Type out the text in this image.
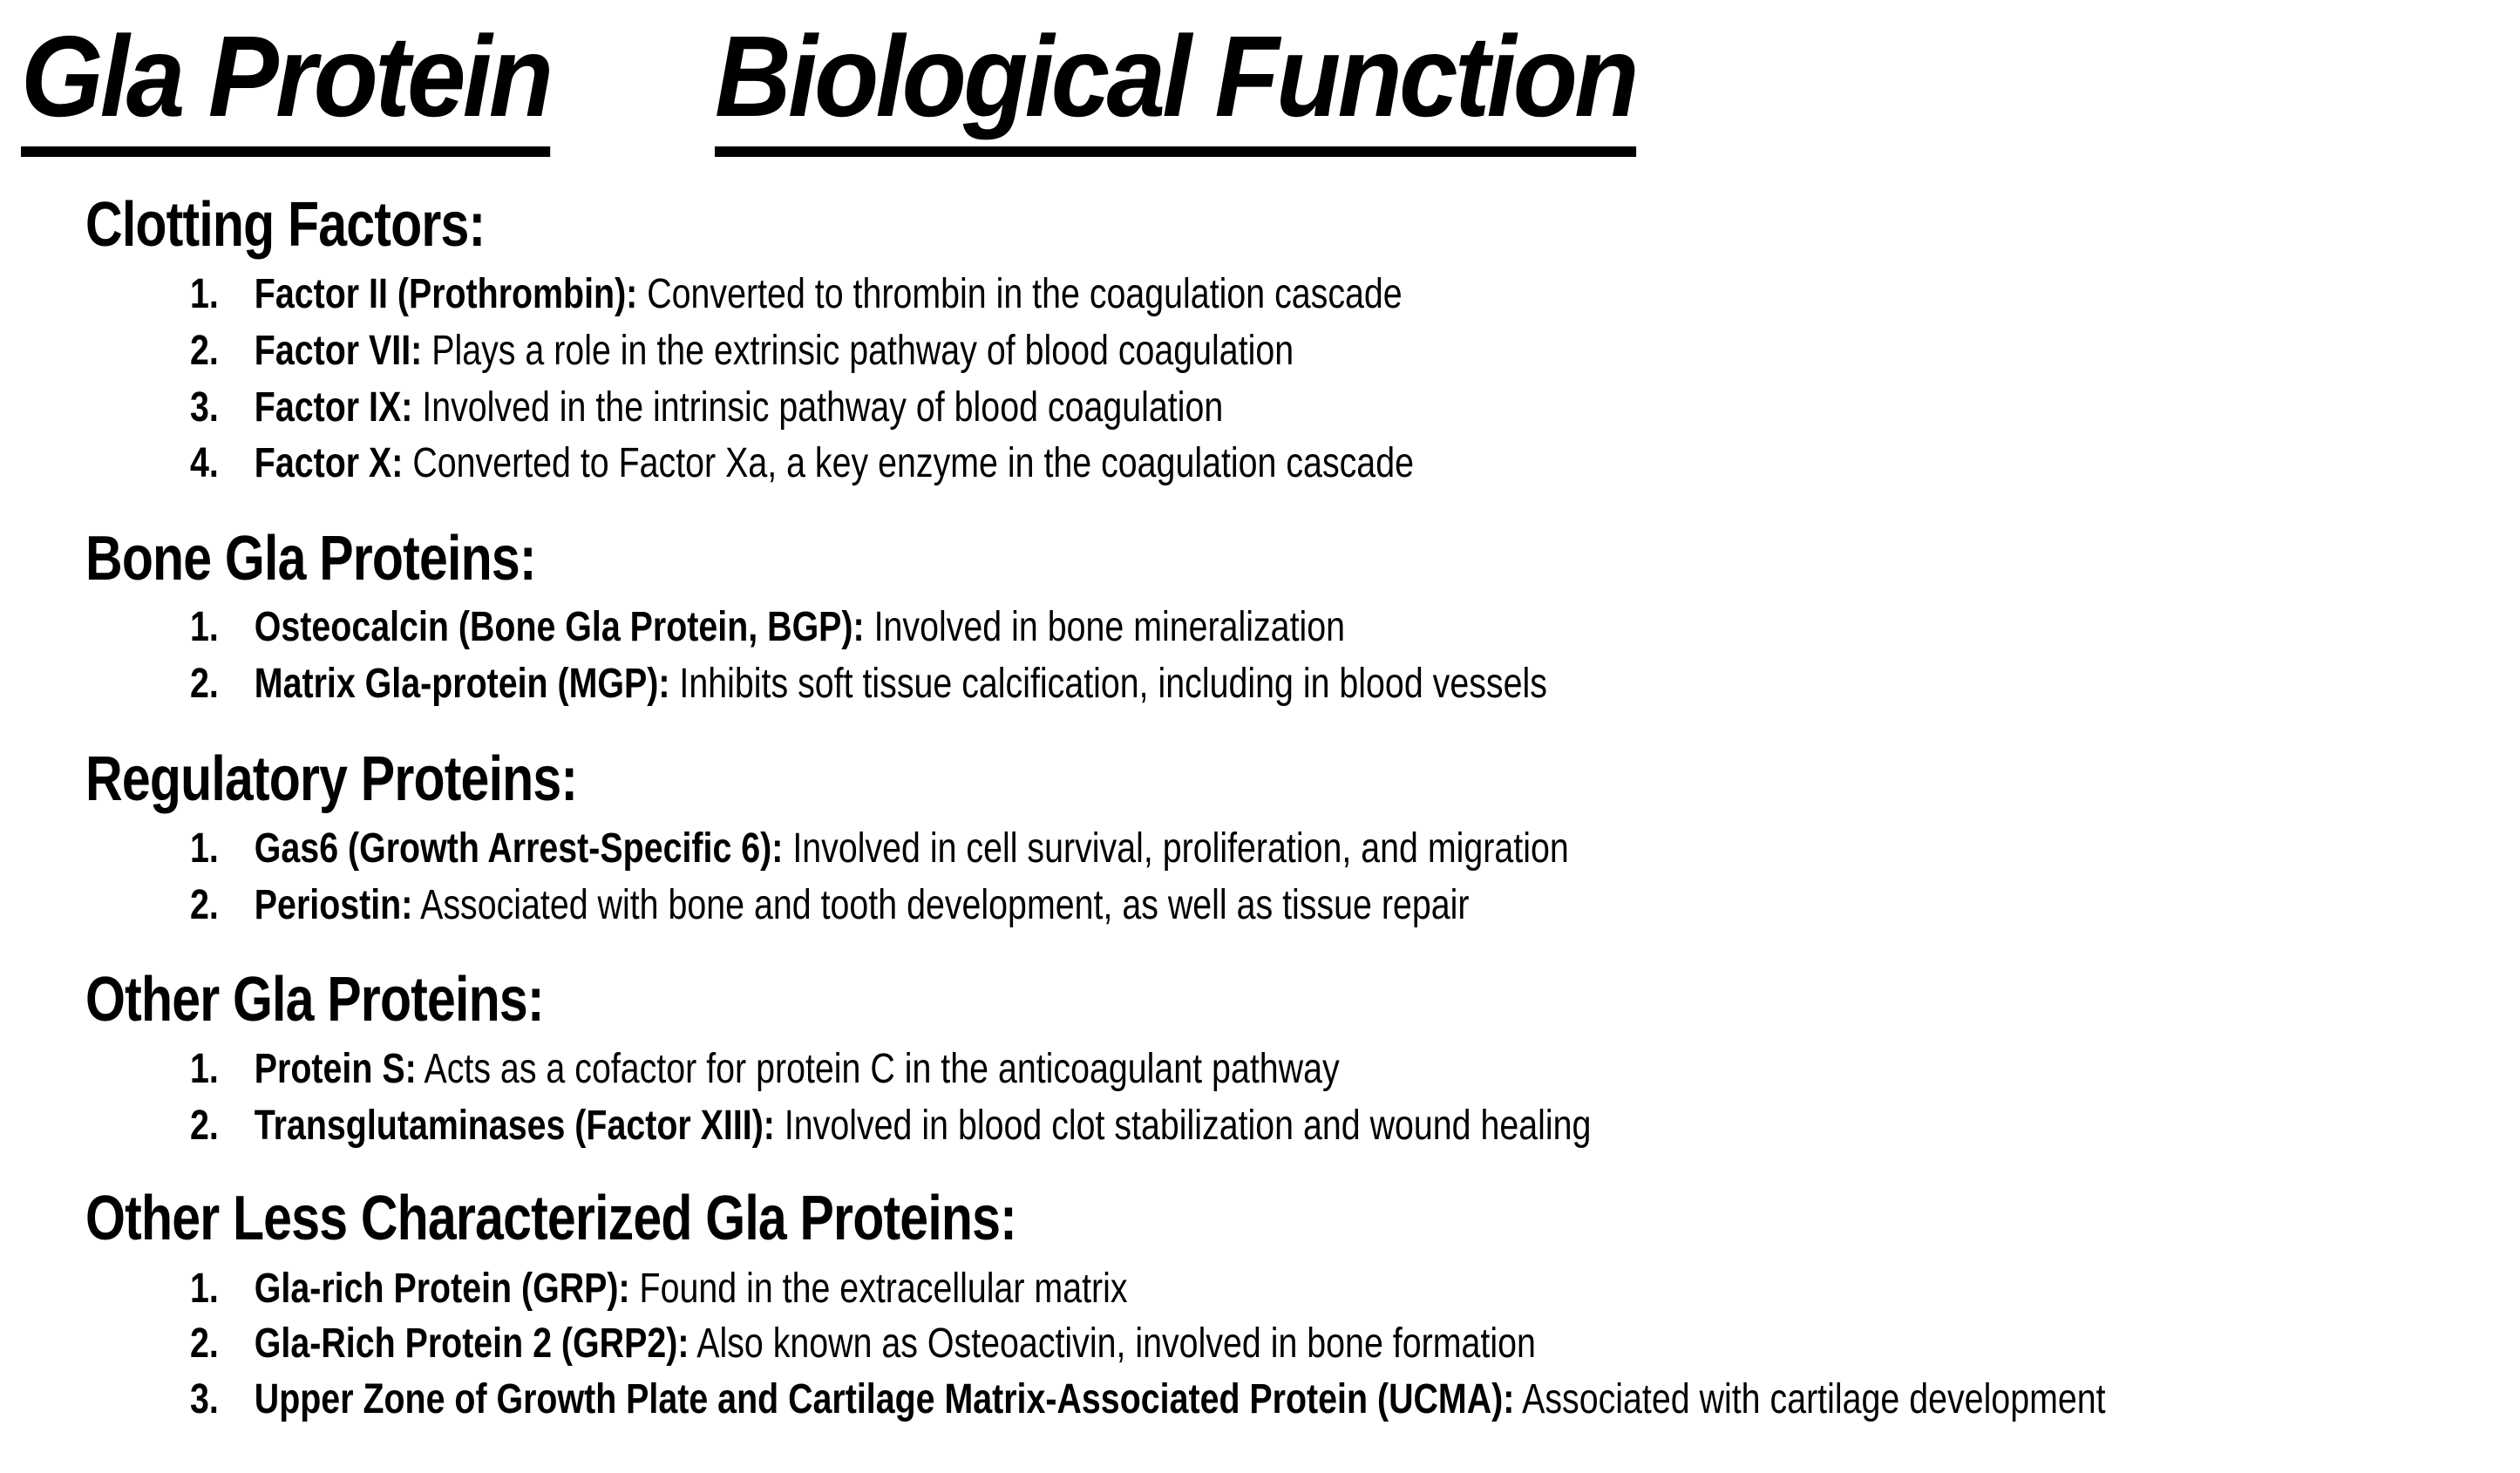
Gla Protein Biological Function
Clotting Factors:
1. Factor II (Prothrombin): Converted to thrombin in the coagulation cascade
2. Factor VII: Plays a role in the extrinsic pathway of blood coagulation
3. Factor IX: Involved in the intrinsic pathway of blood coagulation
4. Factor X: Converted to Factor Xa, a key enzyme in the coagulation cascade
Bone Gla Proteins:
1. Osteocalcin (Bone Gla Protein, BGP): Involved in bone mineralization
2. Matrix Gla-protein (MGP): Inhibits soft tissue calcification, including in blood vessels
Regulatory Proteins:
1. Gas6 (Growth Arrest-Specific 6): Involved in cell survival, proliferation, and migration
2. Periostin: Associated with bone and tooth development, as well as tissue repair
Other Gla Proteins:
1. Protein S: Acts as a cofactor for protein C in the anticoagulant pathway
2. Transglutaminases (Factor XIII): Involved in blood clot stabilization and wound healing
Other Less Characterized Gla Proteins:
1. Gla-rich Protein (GRP): Found in the extracellular matrix
2. Gla-Rich Protein 2 (GRP2): Also known as Osteoactivin, involved in bone formation
3. Upper Zone of Growth Plate and Cartilage Matrix-Associated Protein (UCMA): Associated with cartilage development
